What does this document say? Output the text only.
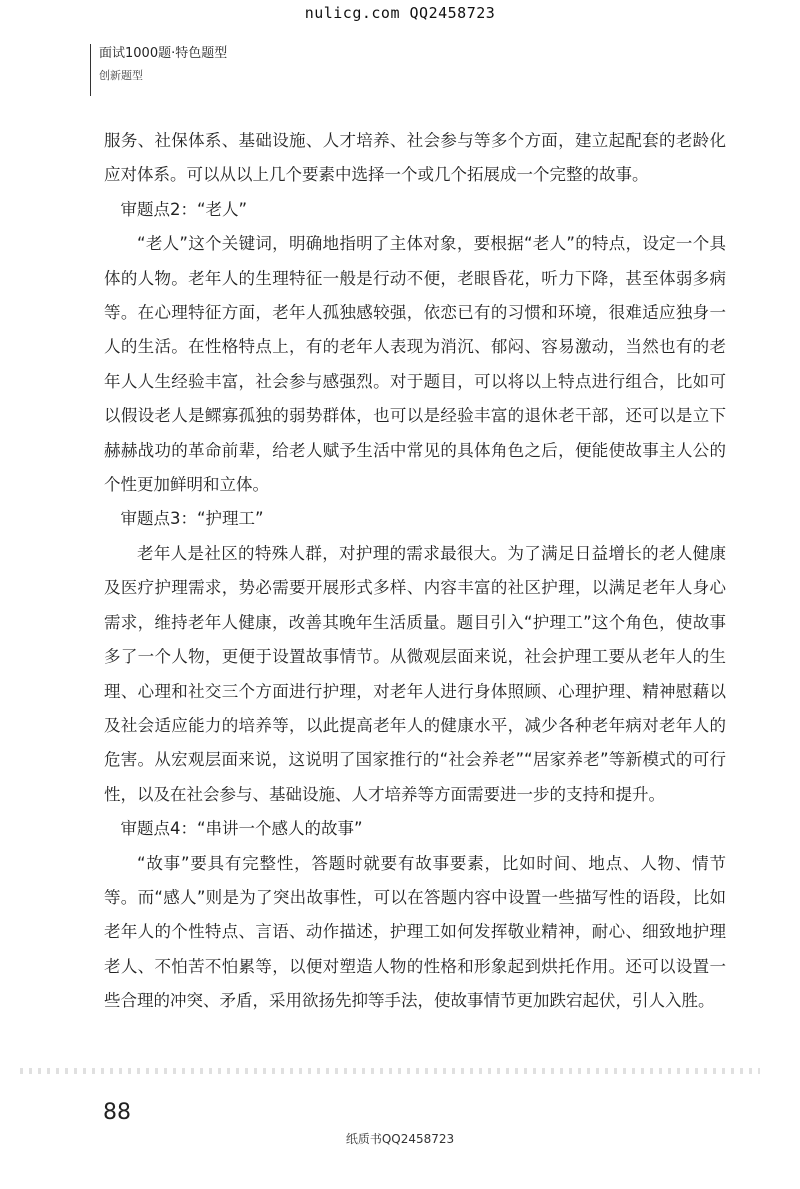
nulicg.com QQ2458723
面试1000题·特色题型
创新题型

服务、社保体系、基础设施、人才培养、社会参与等多个方面，建立起配套的老龄化应对体系。可以从以上几个要素中选择一个或几个拓展成一个完整的故事。

审题点2：“老人”

“老人”这个关键词，明确地指明了主体对象，要根据“老人”的特点，设定一个具体的人物。老年人的生理特征一般是行动不便，老眼昏花，听力下降，甚至体弱多病等。在心理特征方面，老年人孤独感较强，依恋已有的习惯和环境，很难适应独身一人的生活。在性格特点上，有的老年人表现为消沉、郁闷、容易激动，当然也有的老年人人生经验丰富，社会参与感强烈。对于题目，可以将以上特点进行组合，比如可以假设老人是鳏寡孤独的弱势群体，也可以是经验丰富的退休老干部，还可以是立下赫赫战功的革命前辈，给老人赋予生活中常见的具体角色之后，便能使故事主人公的个性更加鲜明和立体。

审题点3：“护理工”

老年人是社区的特殊人群，对护理的需求最很大。为了满足日益增长的老人健康及医疗护理需求，势必需要开展形式多样、内容丰富的社区护理，以满足老年人身心需求，维持老年人健康，改善其晚年生活质量。题目引入“护理工”这个角色，使故事多了一个人物，更便于设置故事情节。从微观层面来说，社会护理工要从老年人的生理、心理和社交三个方面进行护理，对老年人进行身体照顾、心理护理、精神慰藉以及社会适应能力的培养等，以此提高老年人的健康水平，减少各种老年病对老年人的危害。从宏观层面来说，这说明了国家推行的“社会养老”“居家养老”等新模式的可行性，以及在社会参与、基础设施、人才培养等方面需要进一步的支持和提升。

审题点4：“串讲一个感人的故事”

“故事”要具有完整性，答题时就要有故事要素，比如时间、地点、人物、情节等。而“感人”则是为了突出故事性，可以在答题内容中设置一些描写性的语段，比如老年人的个性特点、言语、动作描述，护理工如何发挥敬业精神，耐心、细致地护理老人、不怕苦不怕累等，以便对塑造人物的性格和形象起到烘托作用。还可以设置一些合理的冲突、矛盾，采用欲扬先抑等手法，使故事情节更加跌宕起伏，引人入胜。

88
纸质书QQ2458723
